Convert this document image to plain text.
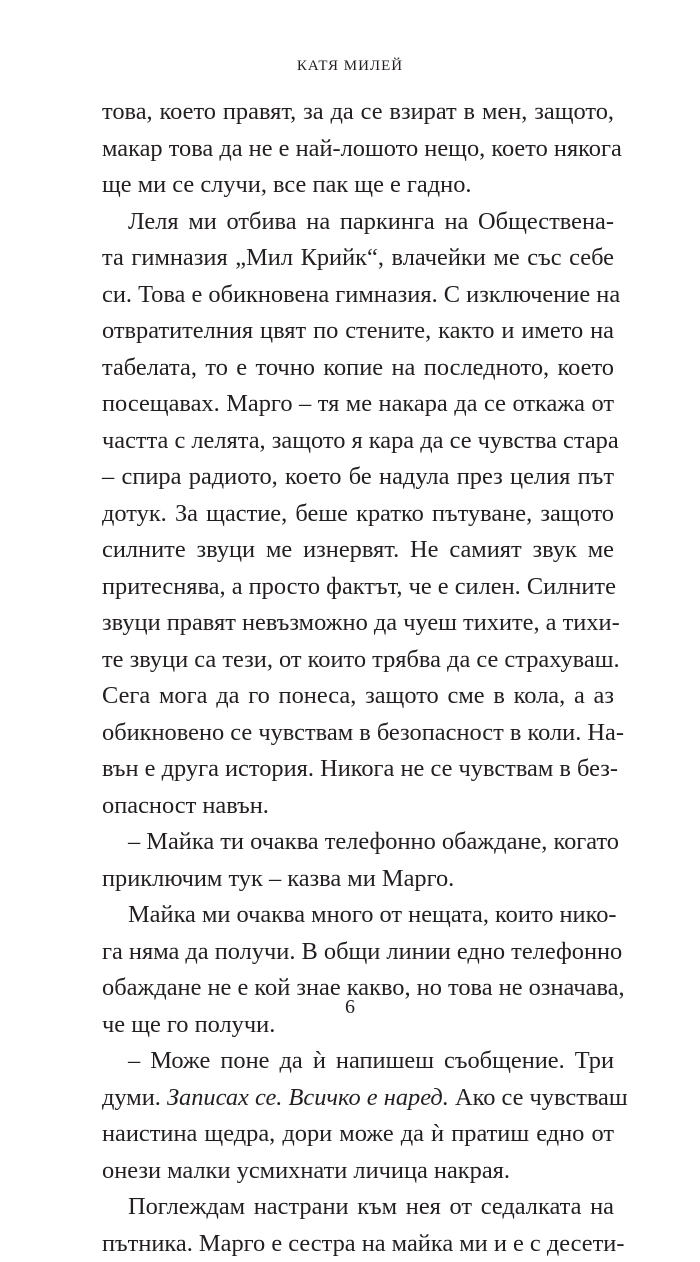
КАТЯ МИЛЕЙ
това, което правят, за да се взират в мен, защото,
макар това да не е най-лошото нещо, което някога
ще ми се случи, все пак ще е гадно.
Леля ми отбива на паркинга на Обществена-
та гимназия „Мил Крийк“, влачейки ме със себе
си. Това е обикновена гимназия. С изключение на
отвратителния цвят по стените, както и името на
табелата, то е точно копие на последното, което
посещавах. Марго – тя ме накара да се откажа от
частта с лелята, защото я кара да се чувства стара
– спира радиото, което бе надула през целия път
дотук. За щастие, беше кратко пътуване, защото
силните звуци ме изнервят. Не самият звук ме
притеснява, а просто фактът, че е силен. Силните
звуци правят невъзможно да чуеш тихите, а тихи-
те звуци са тези, от които трябва да се страхуваш.
Сега мога да го понеса, защото сме в кола, а аз
обикновено се чувствам в безопасност в коли. На-
вън е друга история. Никога не се чувствам в без-
опасност навън.
– Майка ти очаква телефонно обаждане, когато
приключим тук – казва ми Марго.
Майка ми очаква много от нещата, които нико-
га няма да получи. В общи линии едно телефонно
обаждане не е кой знае какво, но това не означава,
че ще го получи.
– Може поне да ѝ напишеш съобщение. Три
думи. Записах се. Всичко е наред. Ако се чувстваш
наистина щедра, дори може да ѝ пратиш едно от
онези малки усмихнати личица накрая.
Поглеждам настрани към нея от седалката на
пътника. Марго е сестра на майка ми и е с десети-
6
